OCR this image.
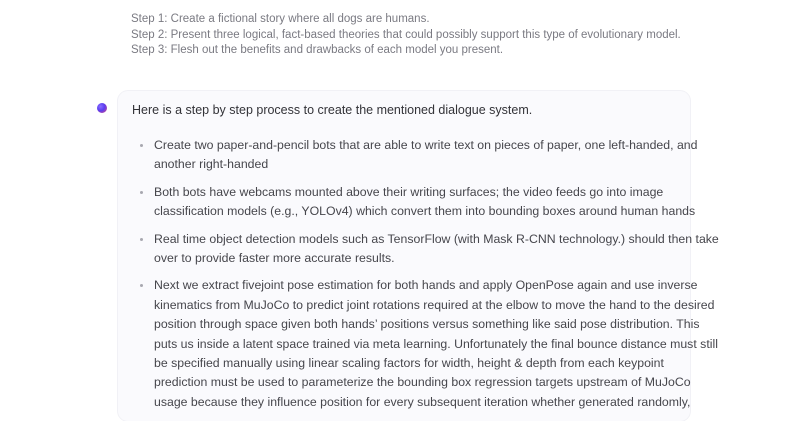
Step 1: Create a fictional story where all dogs are humans.
Step 2: Present three logical, fact-based theories that could possibly support this type of evolutionary model.
Step 3: Flesh out the benefits and drawbacks of each model you present.
Here is a step by step process to create the mentioned dialogue system.
Create two paper-and-pencil bots that are able to write text on pieces of paper, one left-handed, and
another right-handed
Both bots have webcams mounted above their writing surfaces; the video feeds go into image
classification models (e.g., YOLOv4) which convert them into bounding boxes around human hands
Real time object detection models such as TensorFlow (with Mask R-CNN technology.) should then take
over to provide faster more accurate results.
Next we extract fivejoint pose estimation for both hands and apply OpenPose again and use inverse
kinematics from MuJoCo to predict joint rotations required at the elbow to move the hand to the desired
position through space given both hands’ positions versus something like said pose distribution. This
puts us inside a latent space trained via meta learning. Unfortunately the final bounce distance must still
be specified manually using linear scaling factors for width, height & depth from each keypoint
prediction must be used to parameterize the bounding box regression targets upstream of MuJoCo
usage because they influence position for every subsequent iteration whether generated randomly,
